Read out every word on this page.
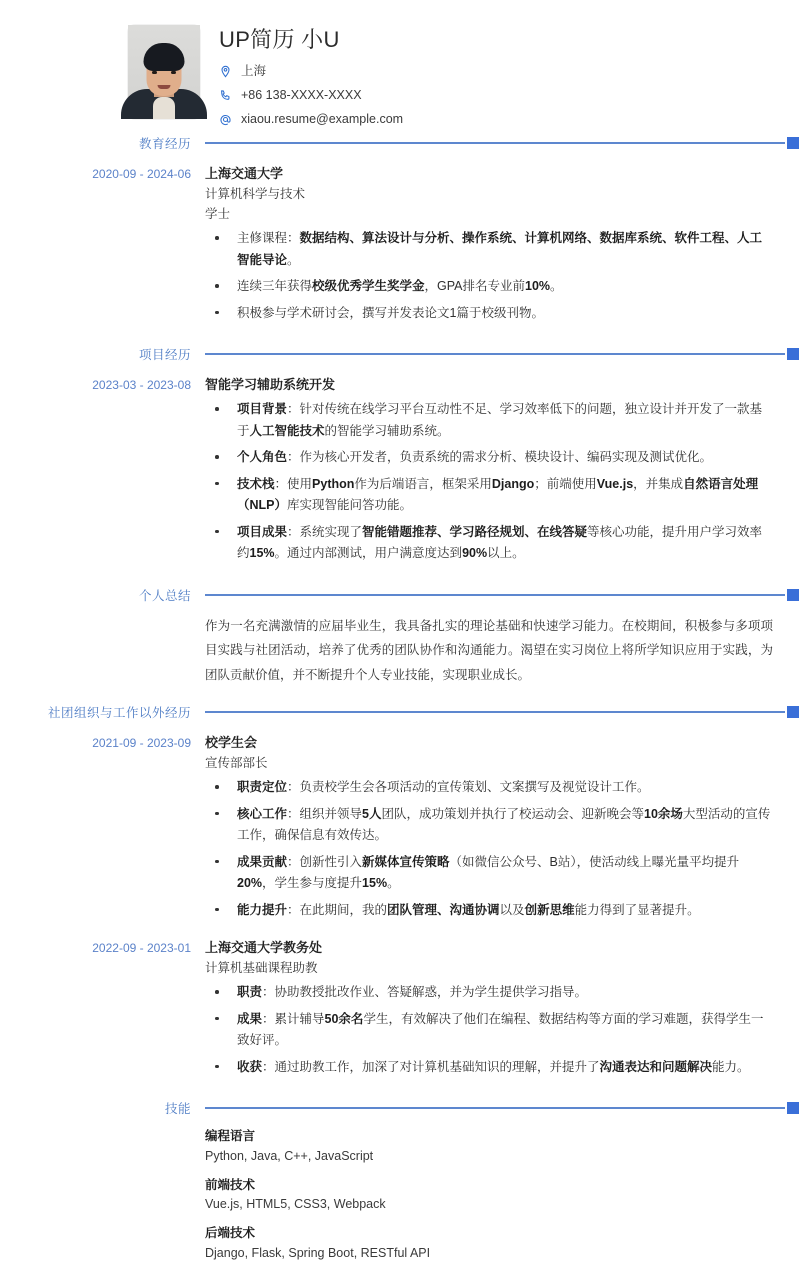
UP简历 小U
上海
+86 138-XXXX-XXXX
xiaou.resume@example.com
教育经历
2020-09 - 2024-06	上海交通大学
计算机科学与技术
学士
主修课程：数据结构、算法设计与分析、操作系统、计算机网络、数据库系统、软件工程、人工智能导论。
连续三年获得校级优秀学生奖学金，GPA排名专业前10%。
积极参与学术研讨会，撰写并发表论文1篇于校级刊物。
项目经历
2023-03 - 2023-08	智能学习辅助系统开发
项目背景：针对传统在线学习平台互动性不足、学习效率低下的问题，独立设计并开发了一款基于人工智能技术的智能学习辅助系统。
个人角色：作为核心开发者，负责系统的需求分析、模块设计、编码实现及测试优化。
技术栈：使用Python作为后端语言，框架采用Django；前端使用Vue.js，并集成自然语言处理（NLP）库实现智能问答功能。
项目成果：系统实现了智能错题推荐、学习路径规划、在线答疑等核心功能，提升用户学习效率约15%。通过内部测试，用户满意度达到90%以上。
个人总结
作为一名充满激情的应届毕业生，我具备扎实的理论基础和快速学习能力。在校期间，积极参与多项项目实践与社团活动，培养了优秀的团队协作和沟通能力。渴望在实习岗位上将所学知识应用于实践，为团队贡献价值，并不断提升个人专业技能，实现职业成长。
社团组织与工作以外经历
2021-09 - 2023-09	校学生会
宣传部部长
职责定位：负责校学生会各项活动的宣传策划、文案撰写及视觉设计工作。
核心工作：组织并领导5人团队，成功策划并执行了校运动会、迎新晚会等10余场大型活动的宣传工作，确保信息有效传达。
成果贡献：创新性引入新媒体宣传策略（如微信公众号、B站），使活动线上曝光量平均提升20%，学生参与度提升15%。
能力提升：在此期间，我的团队管理、沟通协调以及创新思维能力得到了显著提升。
2022-09 - 2023-01	上海交通大学教务处
计算机基础课程助教
职责：协助教授批改作业、答疑解惑，并为学生提供学习指导。
成果：累计辅导50余名学生，有效解决了他们在编程、数据结构等方面的学习难题，获得学生一致好评。
收获：通过助教工作，加深了对计算机基础知识的理解，并提升了沟通表达和问题解决能力。
技能
编程语言
Python, Java, C++, JavaScript
前端技术
Vue.js, HTML5, CSS3, Webpack
后端技术
Django, Flask, Spring Boot, RESTful API
